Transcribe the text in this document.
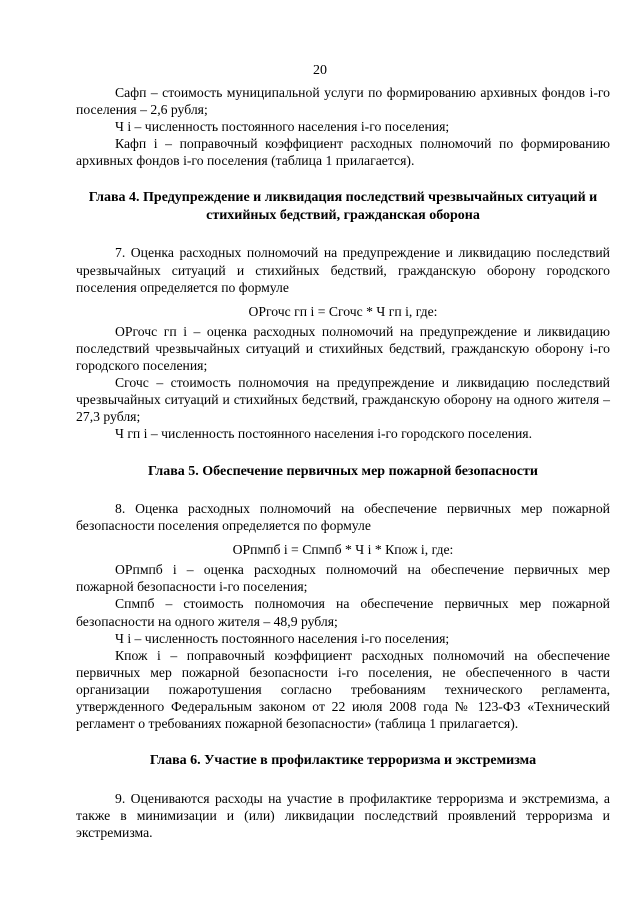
20

Сафп – стоимость муниципальной услуги по формированию архивных фондов i-го поселения – 2,6 рубля;

Ч i – численность постоянного населения i-го поселения;

Кафп i – поправочный коэффициент расходных полномочий по формированию архивных фондов i-го поселения (таблица 1 прилагается).

Глава 4. Предупреждение и ликвидация последствий чрезвычайных ситуаций и стихийных бедствий, гражданская оборона

7. Оценка расходных полномочий на предупреждение и ликвидацию последствий чрезвычайных ситуаций и стихийных бедствий, гражданскую оборону городского поселения определяется по формуле

ОРгочс гп i = Сгочс * Ч гп i, где:

ОРгочс гп i – оценка расходных полномочий на предупреждение и ликвидацию последствий чрезвычайных ситуаций и стихийных бедствий, гражданскую оборону i-го городского поселения;

Сгочс – стоимость полномочия на предупреждение и ликвидацию последствий чрезвычайных ситуаций и стихийных бедствий, гражданскую оборону на одного жителя – 27,3 рубля;

Ч гп i – численность постоянного населения i-го городского поселения.

Глава 5. Обеспечение первичных мер пожарной безопасности

8. Оценка расходных полномочий на обеспечение первичных мер пожарной безопасности поселения определяется по формуле

ОРпмпб i = Спмпб * Ч i * Кпож i, где:

ОРпмпб i – оценка расходных полномочий на обеспечение первичных мер пожарной безопасности i-го поселения;

Спмпб – стоимость полномочия на обеспечение первичных мер пожарной безопасности на одного жителя – 48,9 рубля;

Ч i – численность постоянного населения i-го поселения;

Кпож i – поправочный коэффициент расходных полномочий на обеспечение первичных мер пожарной безопасности i-го поселения, не обеспеченного в части организации пожаротушения согласно требованиям технического регламента, утвержденного Федеральным законом от 22 июля 2008 года № 123-ФЗ «Технический регламент о требованиях пожарной безопасности» (таблица 1 прилагается).

Глава 6. Участие в профилактике терроризма и экстремизма

9. Оцениваются расходы на участие в профилактике терроризма и экстремизма, а также в минимизации и (или) ликвидации последствий проявлений терроризма и экстремизма.
